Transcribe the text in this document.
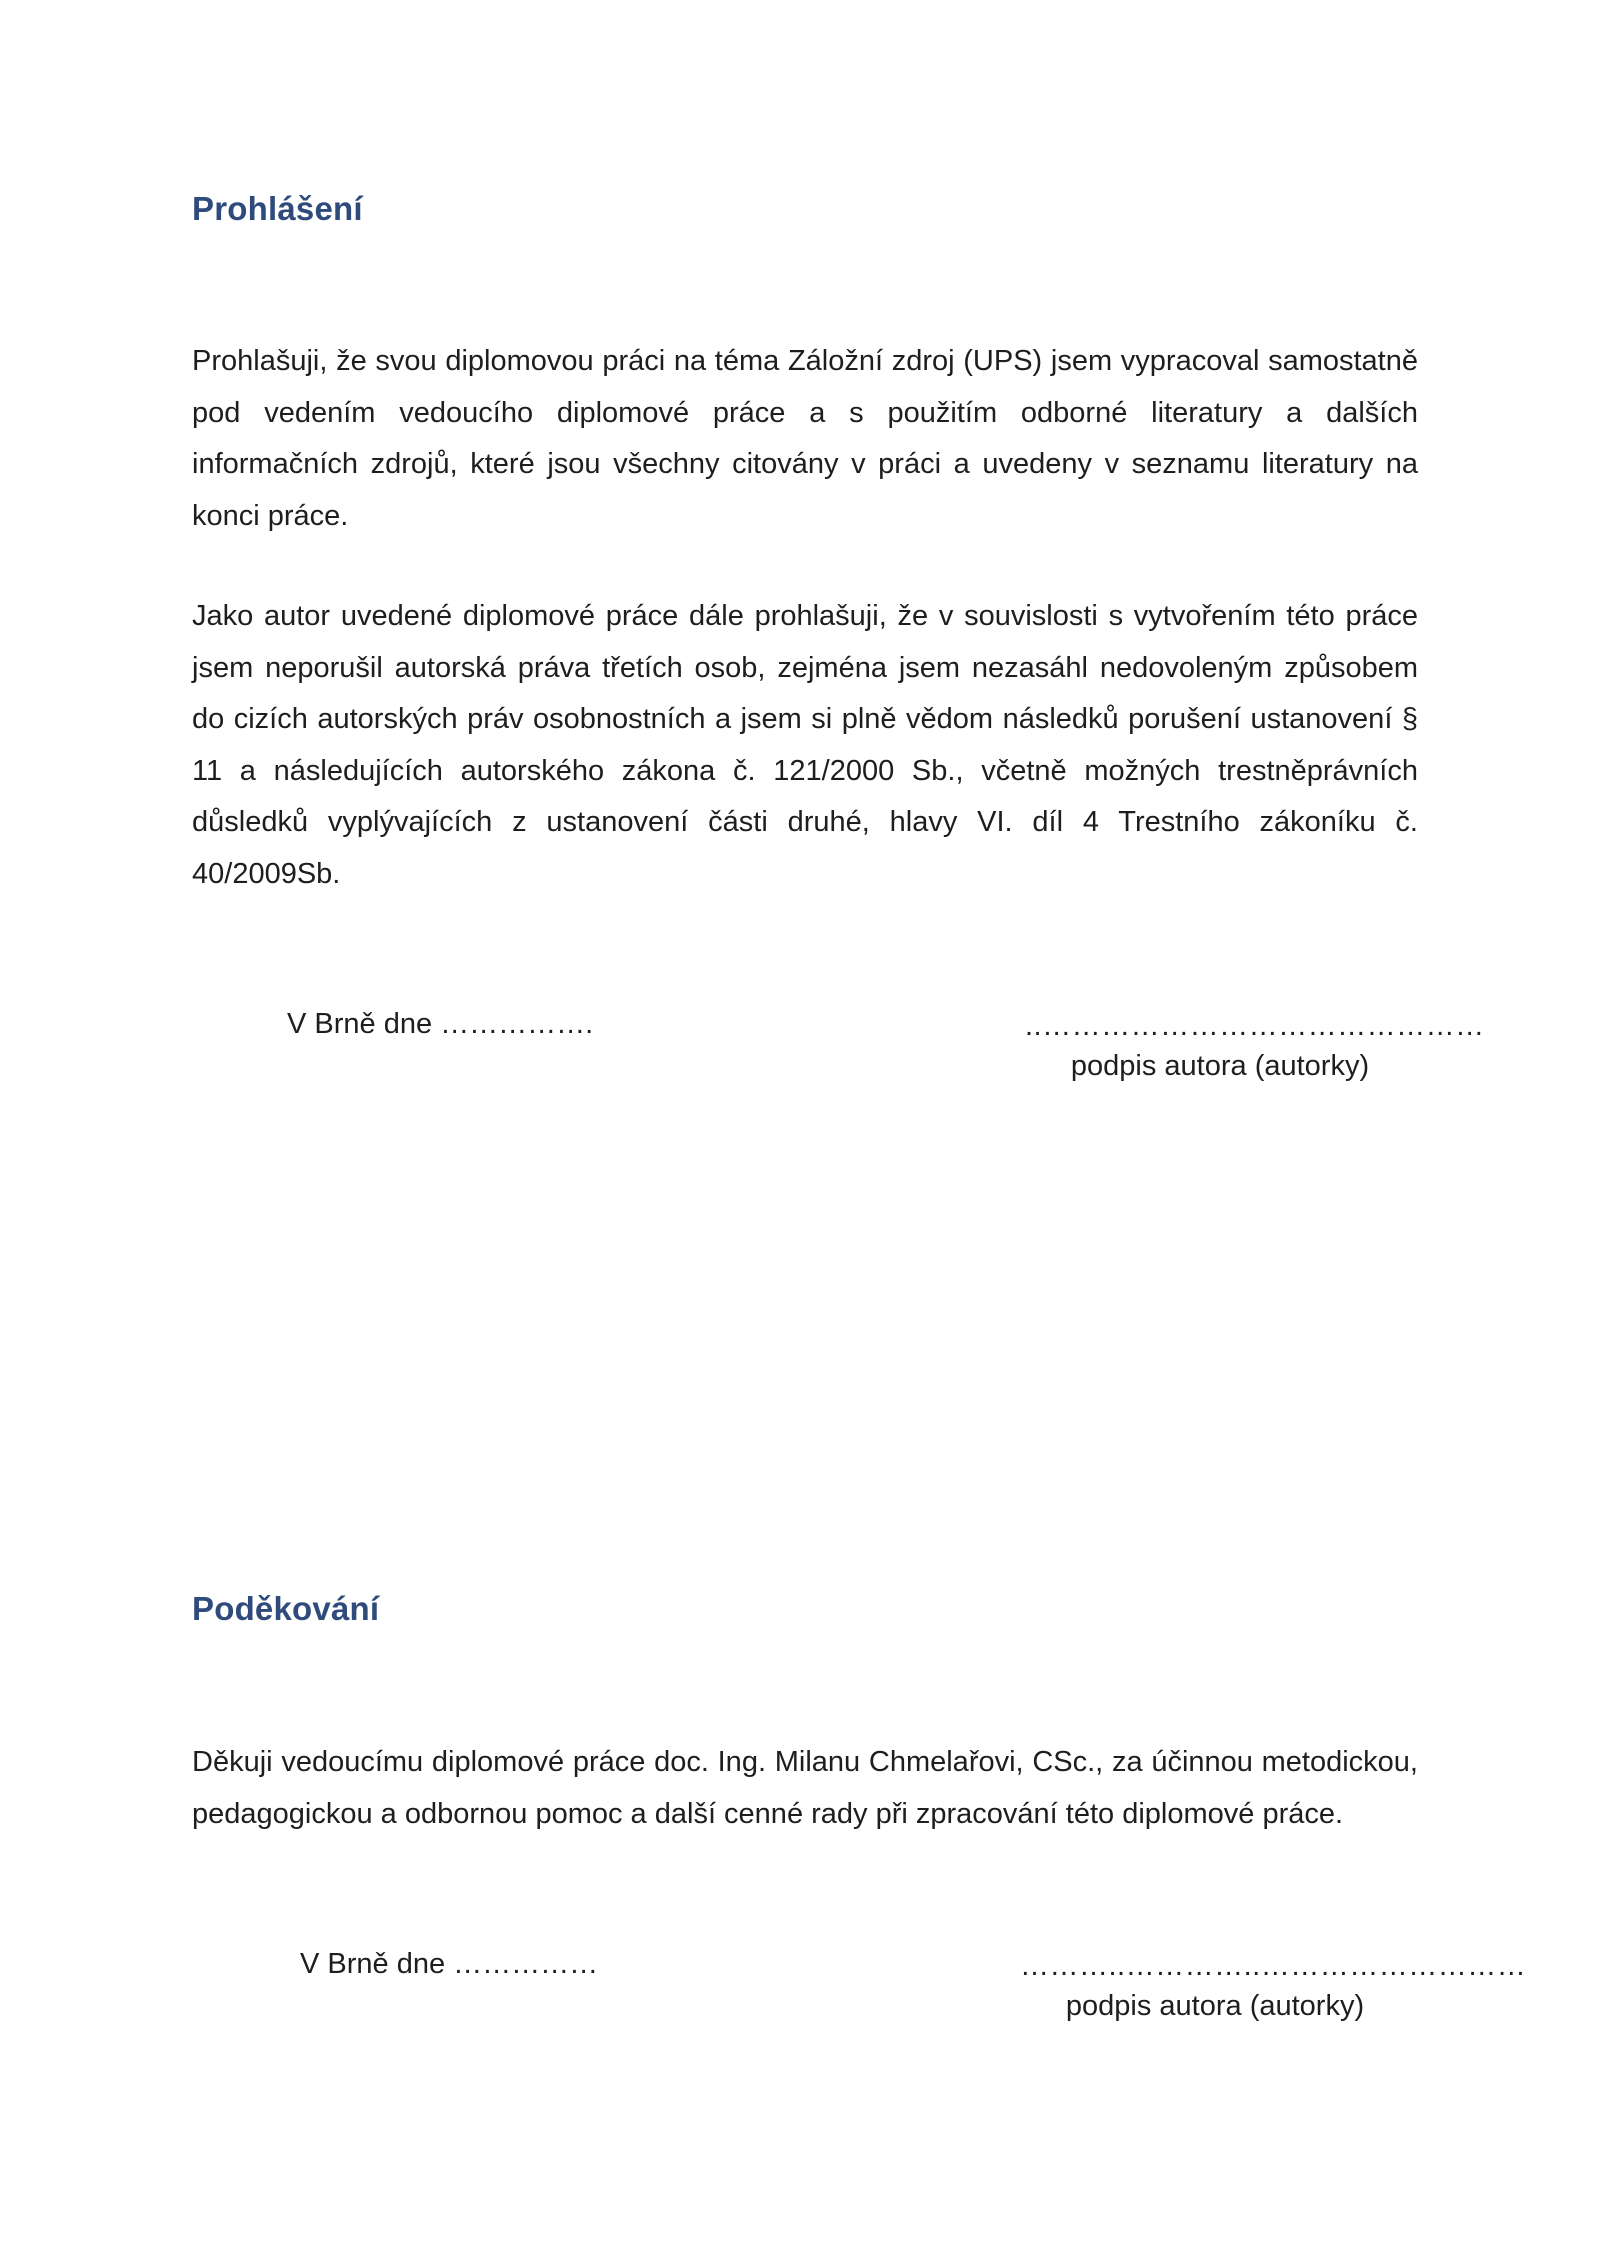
Prohlášení

Prohlašuji, že svou diplomovou práci na téma Záložní zdroj (UPS) jsem vypracoval samostatně pod vedením vedoucího diplomové práce a s použitím odborné literatury a dalších informačních zdrojů, které jsou všechny citovány v práci a uvedeny v seznamu literatury na konci práce.

Jako autor uvedené diplomové práce dále prohlašuji, že v souvislosti s vytvořením této práce jsem neporušil autorská práva třetích osob, zejména jsem nezasáhl nedovoleným způsobem do cizích autorských práv osobnostních a jsem si plně vědom následků porušení ustanovení § 11 a následujících autorského zákona č. 121/2000 Sb., včetně možných trestněprávních důsledků vyplývajících z ustanovení části druhé, hlavy VI. díl 4 Trestního zákoníku č. 40/2009Sb.

V Brně dne …………….	..………………………………………
podpis autora (autorky)
Poděkování

Děkuji vedoucímu diplomové práce doc. Ing. Milanu Chmelařovi, CSc., za účinnou metodickou, pedagogickou a odbornou pomoc a další cenné rady při zpracování této diplomové práce.

V Brně dne ……………	………..…………..………………………
podpis autora (autorky)
